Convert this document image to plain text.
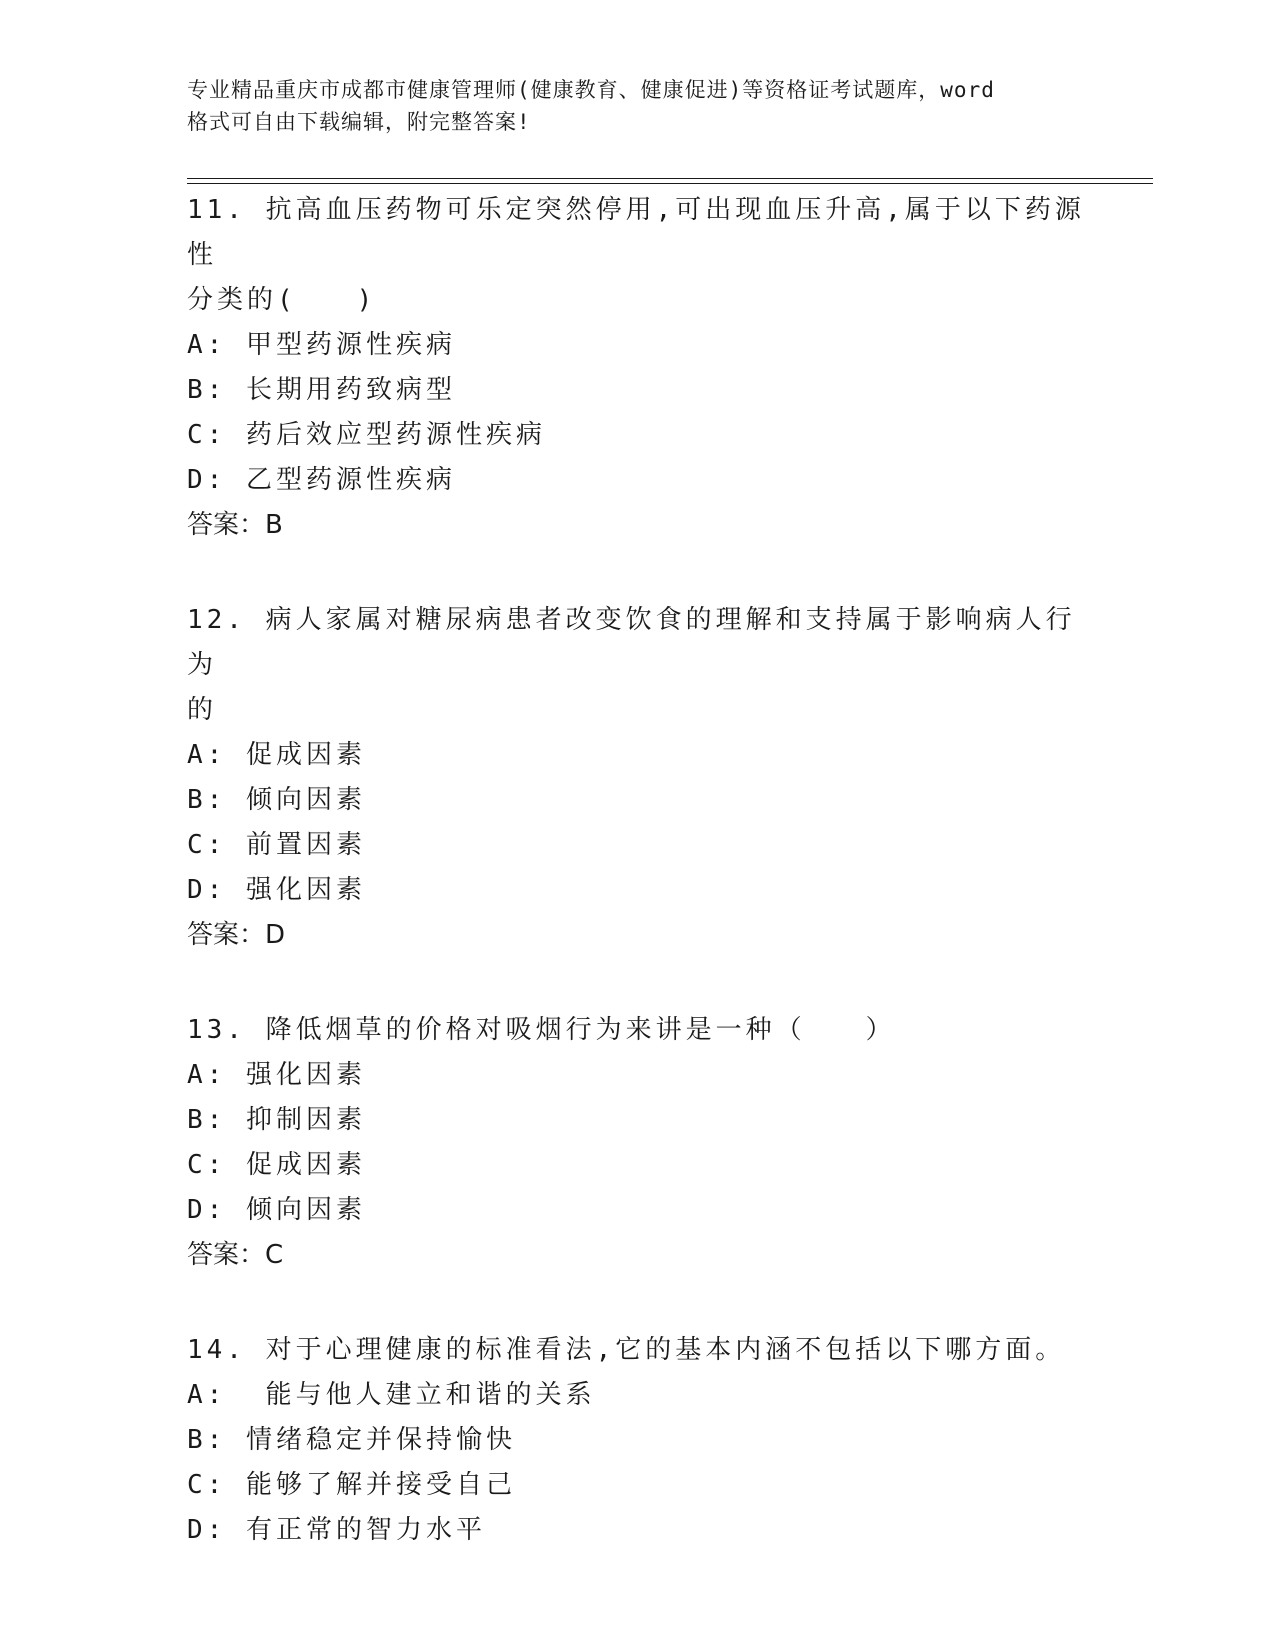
专业精品重庆市成都市健康管理师(健康教育、健康促进)等资格证考试题库，word
格式可自由下载编辑，附完整答案!

11. 抗高血压药物可乐定突然停用,可出现血压升高,属于以下药源性

分类的(　　)

A: 甲型药源性疾病

B: 长期用药致病型

C: 药后效应型药源性疾病

D: 乙型药源性疾病

答案：B

12. 病人家属对糖尿病患者改变饮食的理解和支持属于影响病人行为

的

A: 促成因素

B: 倾向因素

C: 前置因素

D: 强化因素

答案：D

13. 降低烟草的价格对吸烟行为来讲是一种（　　）

A: 强化因素

B: 抑制因素

C: 促成因素

D: 倾向因素

答案：C

14. 对于心理健康的标准看法,它的基本内涵不包括以下哪方面。

A:  能与他人建立和谐的关系

B: 情绪稳定并保持愉快

C: 能够了解并接受自己

D: 有正常的智力水平
